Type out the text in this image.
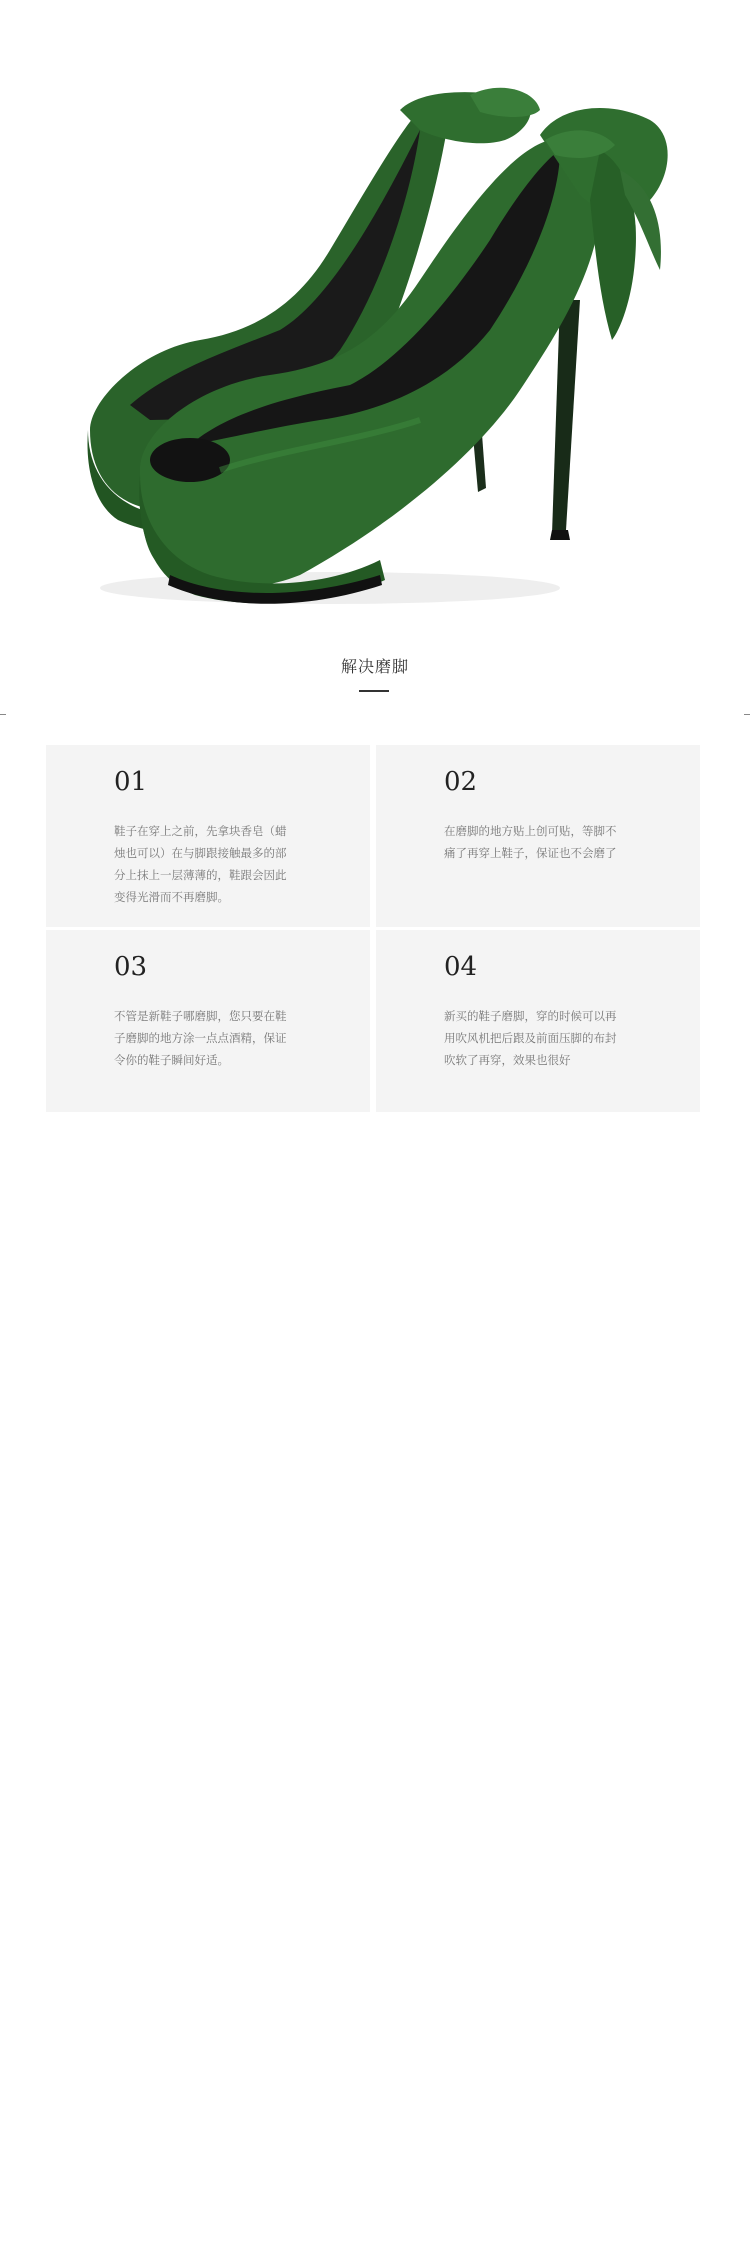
解决磨脚
01
鞋子在穿上之前，先拿块香皂（蜡
烛也可以）在与脚跟接触最多的部
分上抹上一层薄薄的，鞋跟会因此
变得光滑而不再磨脚。
02
在磨脚的地方贴上创可贴，等脚不
痛了再穿上鞋子，保证也不会磨了
03
不管是新鞋子哪磨脚，您只要在鞋
子磨脚的地方涂一点点酒精，保证
令你的鞋子瞬间好适。
04
新买的鞋子磨脚，穿的时候可以再
用吹风机把后跟及前面压脚的布封
吹软了再穿，效果也很好
